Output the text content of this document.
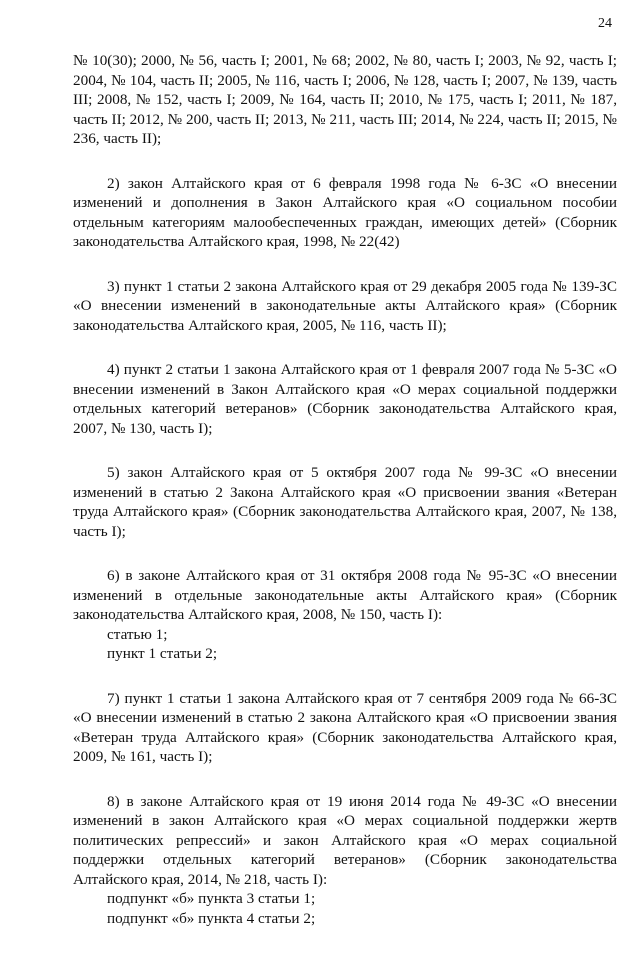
24

№ 10(30); 2000, № 56, часть I; 2001, № 68; 2002, № 80, часть I; 2003, № 92, часть I; 2004, № 104, часть II; 2005, № 116, часть I; 2006, № 128, часть I; 2007, № 139, часть III; 2008, № 152, часть I; 2009, № 164, часть II; 2010, № 175, часть I; 2011, № 187, часть II; 2012, № 200, часть II; 2013, № 211, часть III; 2014, № 224, часть II; 2015, № 236, часть II);

2) закон Алтайского края от 6 февраля 1998 года № 6-ЗС «О внесении изменений и дополнения в Закон Алтайского края «О социальном пособии отдельным категориям малообеспеченных граждан, имеющих детей» (Сборник законодательства Алтайского края, 1998, № 22(42)

3) пункт 1 статьи 2 закона Алтайского края от 29 декабря 2005 года № 139-ЗС «О внесении изменений в законодательные акты Алтайского края» (Сборник законодательства Алтайского края, 2005, № 116, часть II);

4) пункт 2 статьи 1 закона Алтайского края от 1 февраля 2007 года № 5-ЗС «О внесении изменений в Закон Алтайского края «О мерах социальной поддержки отдельных категорий ветеранов» (Сборник законодательства Алтайского края, 2007, № 130, часть I);

5) закон Алтайского края от 5 октября 2007 года № 99-ЗС «О внесении изменений в статью 2 Закона Алтайского края «О присвоении звания «Ветеран труда Алтайского края» (Сборник законодательства Алтайского края, 2007, № 138, часть I);

6) в законе Алтайского края от 31 октября 2008 года № 95-ЗС «О внесении изменений в отдельные законодательные акты Алтайского края» (Сборник законодательства Алтайского края, 2008, № 150, часть I):

статью 1;
пункт 1 статьи 2;

7) пункт 1 статьи 1 закона Алтайского края от 7 сентября 2009 года № 66-ЗС «О внесении изменений в статью 2 закона Алтайского края «О присвоении звания «Ветеран труда Алтайского края» (Сборник законодательства Алтайского края, 2009, № 161, часть I);

8) в законе Алтайского края от 19 июня 2014 года № 49-ЗС «О внесении изменений в закон Алтайского края «О мерах социальной поддержки жертв политических репрессий» и закон Алтайского края «О мерах социальной поддержки отдельных категорий ветеранов» (Сборник законодательства Алтайского края, 2014, № 218, часть I):

подпункт «б» пункта 3 статьи 1;
подпункт «б» пункта 4 статьи 2;
